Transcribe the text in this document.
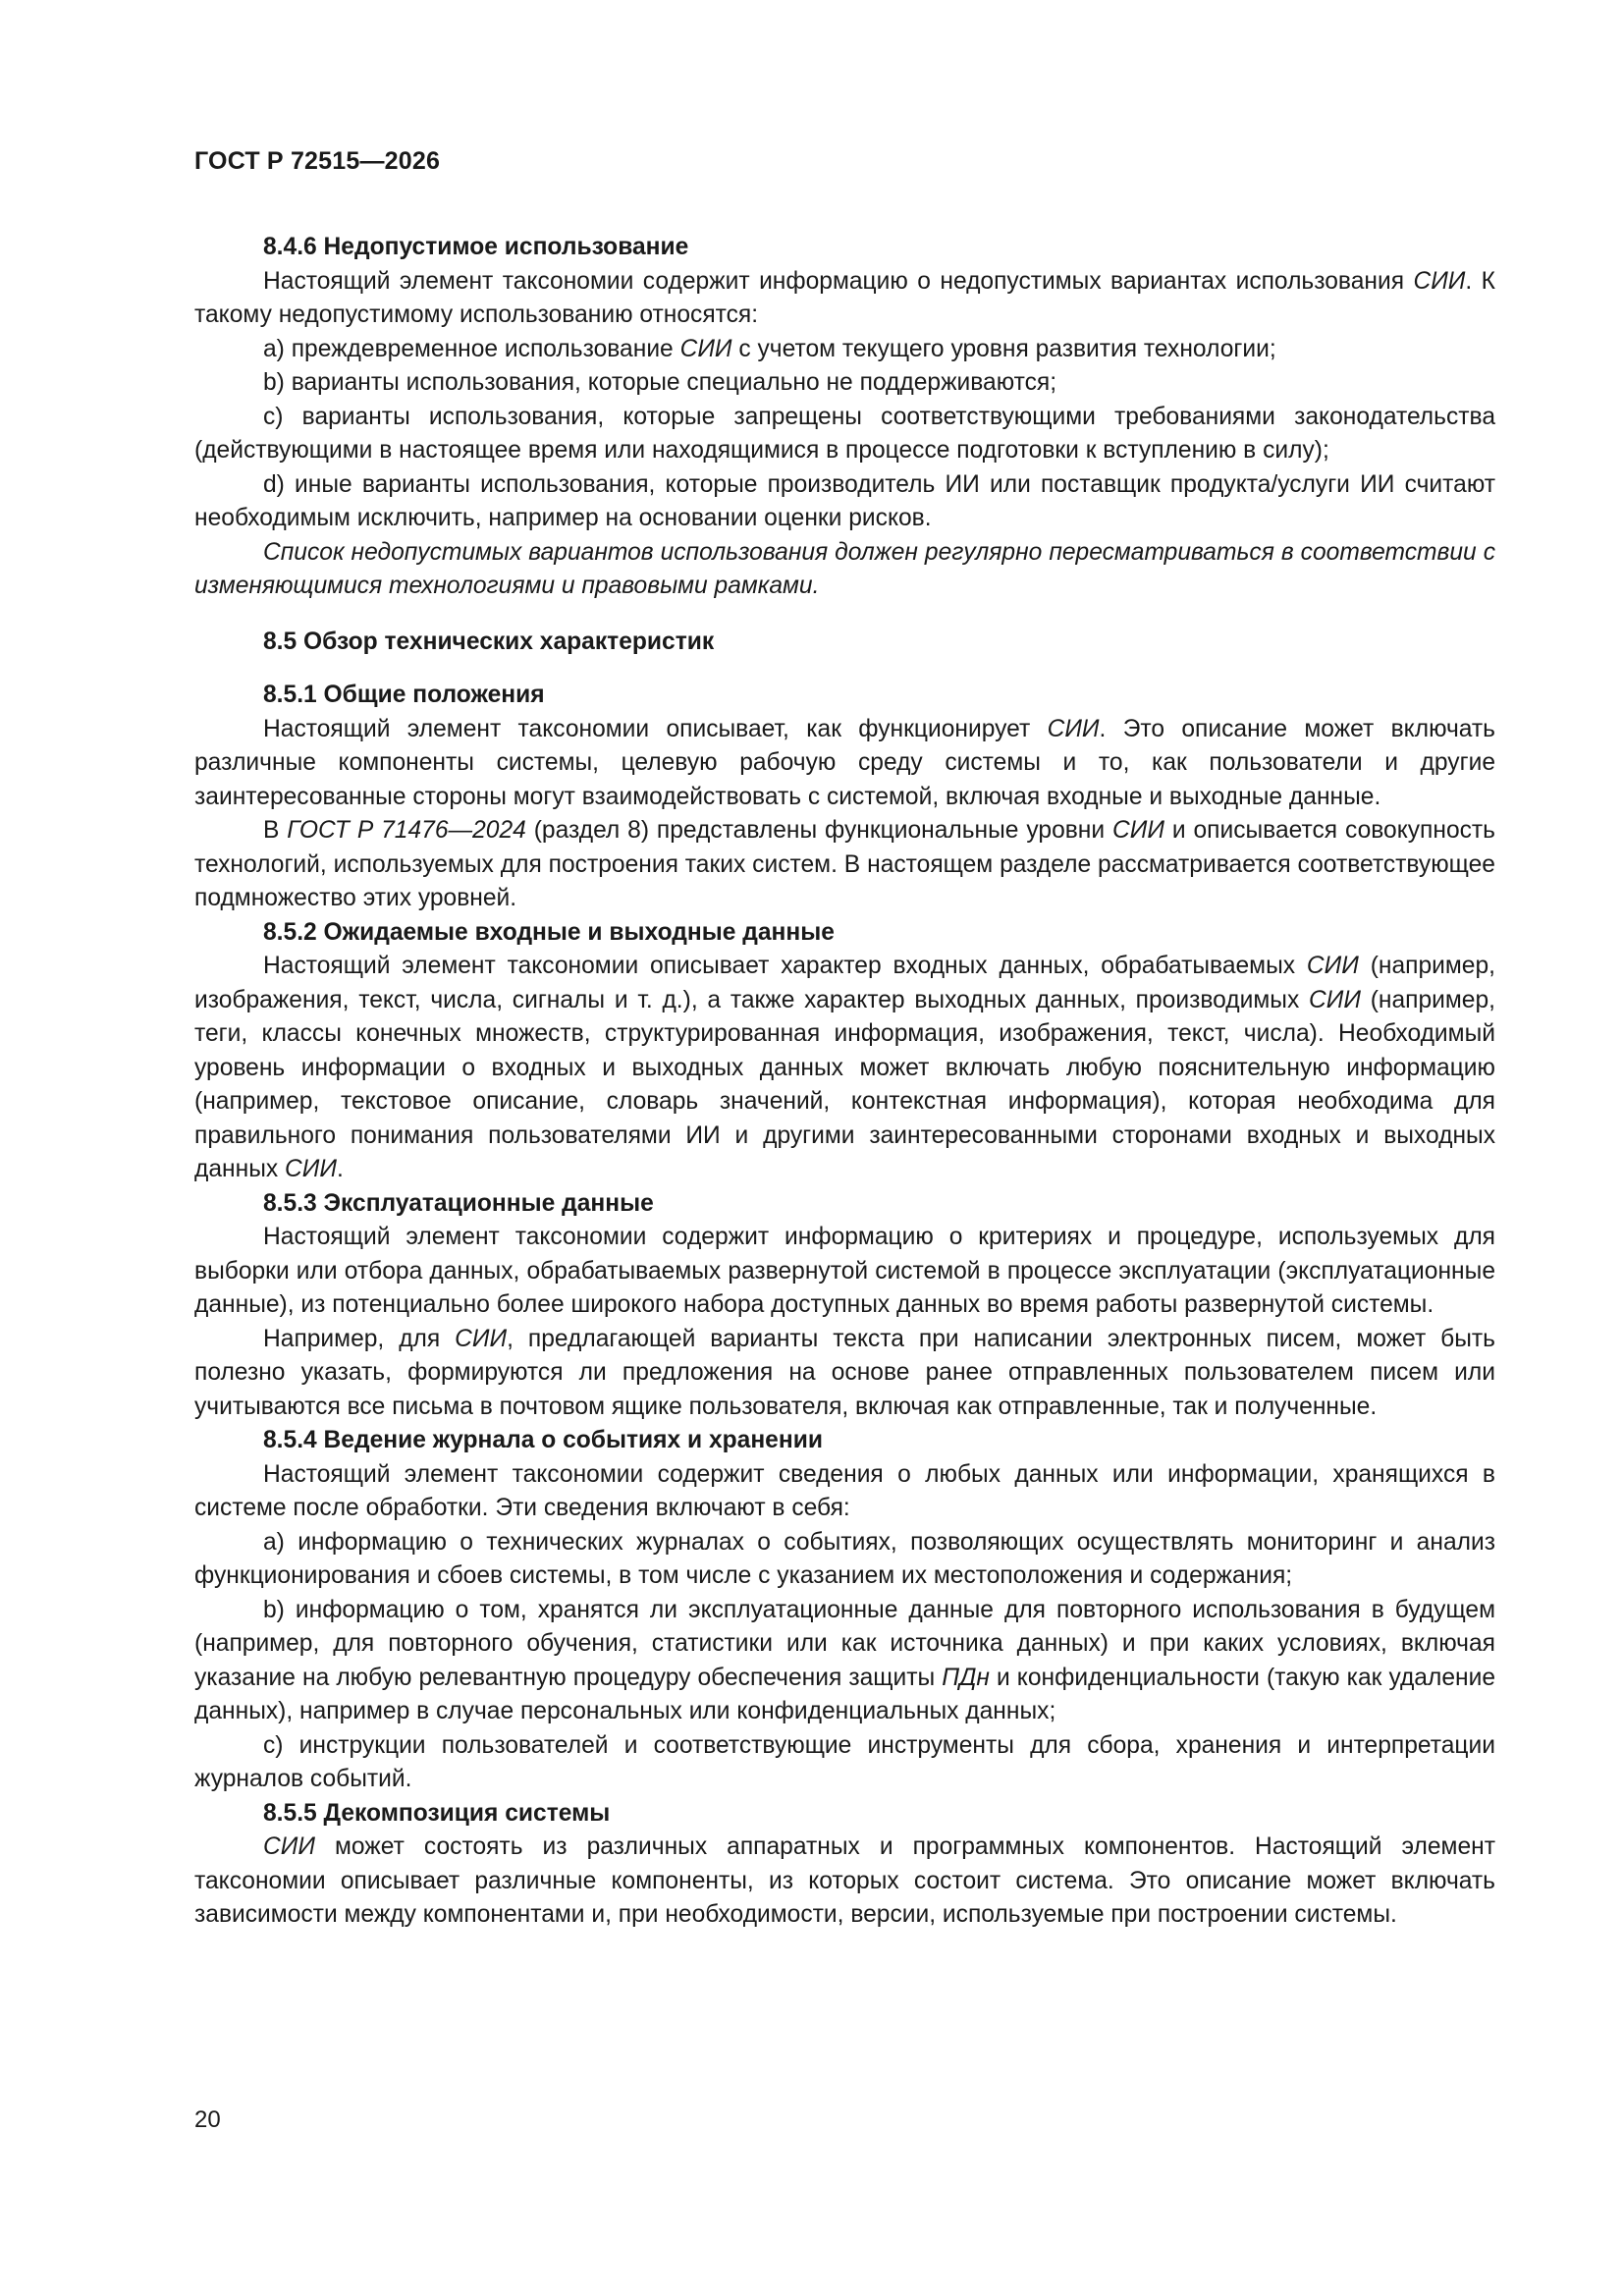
ГОСТ Р 72515—2026

8.4.6 Недопустимое использование

Настоящий элемент таксономии содержит информацию о недопустимых вариантах использования СИИ. К такому недопустимому использованию относятся:

а) преждевременное использование СИИ с учетом текущего уровня развития технологии;

b) варианты использования, которые специально не поддерживаются;

с) варианты использования, которые запрещены соответствующими требованиями законодательства (действующими в настоящее время или находящимися в процессе подготовки к вступлению в силу);

d) иные варианты использования, которые производитель ИИ или поставщик продукта/услуги ИИ считают необходимым исключить, например на основании оценки рисков.

Список недопустимых вариантов использования должен регулярно пересматриваться в соответствии с изменяющимися технологиями и правовыми рамками.

8.5 Обзор технических характеристик

8.5.1 Общие положения

Настоящий элемент таксономии описывает, как функционирует СИИ. Это описание может включать различные компоненты системы, целевую рабочую среду системы и то, как пользователи и другие заинтересованные стороны могут взаимодействовать с системой, включая входные и выходные данные.

В ГОСТ Р 71476—2024 (раздел 8) представлены функциональные уровни СИИ и описывается совокупность технологий, используемых для построения таких систем. В настоящем разделе рассматривается соответствующее подмножество этих уровней.

8.5.2 Ожидаемые входные и выходные данные

Настоящий элемент таксономии описывает характер входных данных, обрабатываемых СИИ (например, изображения, текст, числа, сигналы и т. д.), а также характер выходных данных, производимых СИИ (например, теги, классы конечных множеств, структурированная информация, изображения, текст, числа). Необходимый уровень информации о входных и выходных данных может включать любую пояснительную информацию (например, текстовое описание, словарь значений, контекстная информация), которая необходима для правильного понимания пользователями ИИ и другими заинтересованными сторонами входных и выходных данных СИИ.

8.5.3 Эксплуатационные данные

Настоящий элемент таксономии содержит информацию о критериях и процедуре, используемых для выборки или отбора данных, обрабатываемых развернутой системой в процессе эксплуатации (эксплуатационные данные), из потенциально более широкого набора доступных данных во время работы развернутой системы.

Например, для СИИ, предлагающей варианты текста при написании электронных писем, может быть полезно указать, формируются ли предложения на основе ранее отправленных пользователем писем или учитываются все письма в почтовом ящике пользователя, включая как отправленные, так и полученные.

8.5.4 Ведение журнала о событиях и хранении

Настоящий элемент таксономии содержит сведения о любых данных или информации, хранящихся в системе после обработки. Эти сведения включают в себя:

а) информацию о технических журналах о событиях, позволяющих осуществлять мониторинг и анализ функционирования и сбоев системы, в том числе с указанием их местоположения и содержания;

b) информацию о том, хранятся ли эксплуатационные данные для повторного использования в будущем (например, для повторного обучения, статистики или как источника данных) и при каких условиях, включая указание на любую релевантную процедуру обеспечения защиты ПДн и конфиденциальности (такую как удаление данных), например в случае персональных или конфиденциальных данных;

с) инструкции пользователей и соответствующие инструменты для сбора, хранения и интерпретации журналов событий.

8.5.5 Декомпозиция системы

СИИ может состоять из различных аппаратных и программных компонентов. Настоящий элемент таксономии описывает различные компоненты, из которых состоит система. Это описание может включать зависимости между компонентами и, при необходимости, версии, используемые при построении системы.

20
